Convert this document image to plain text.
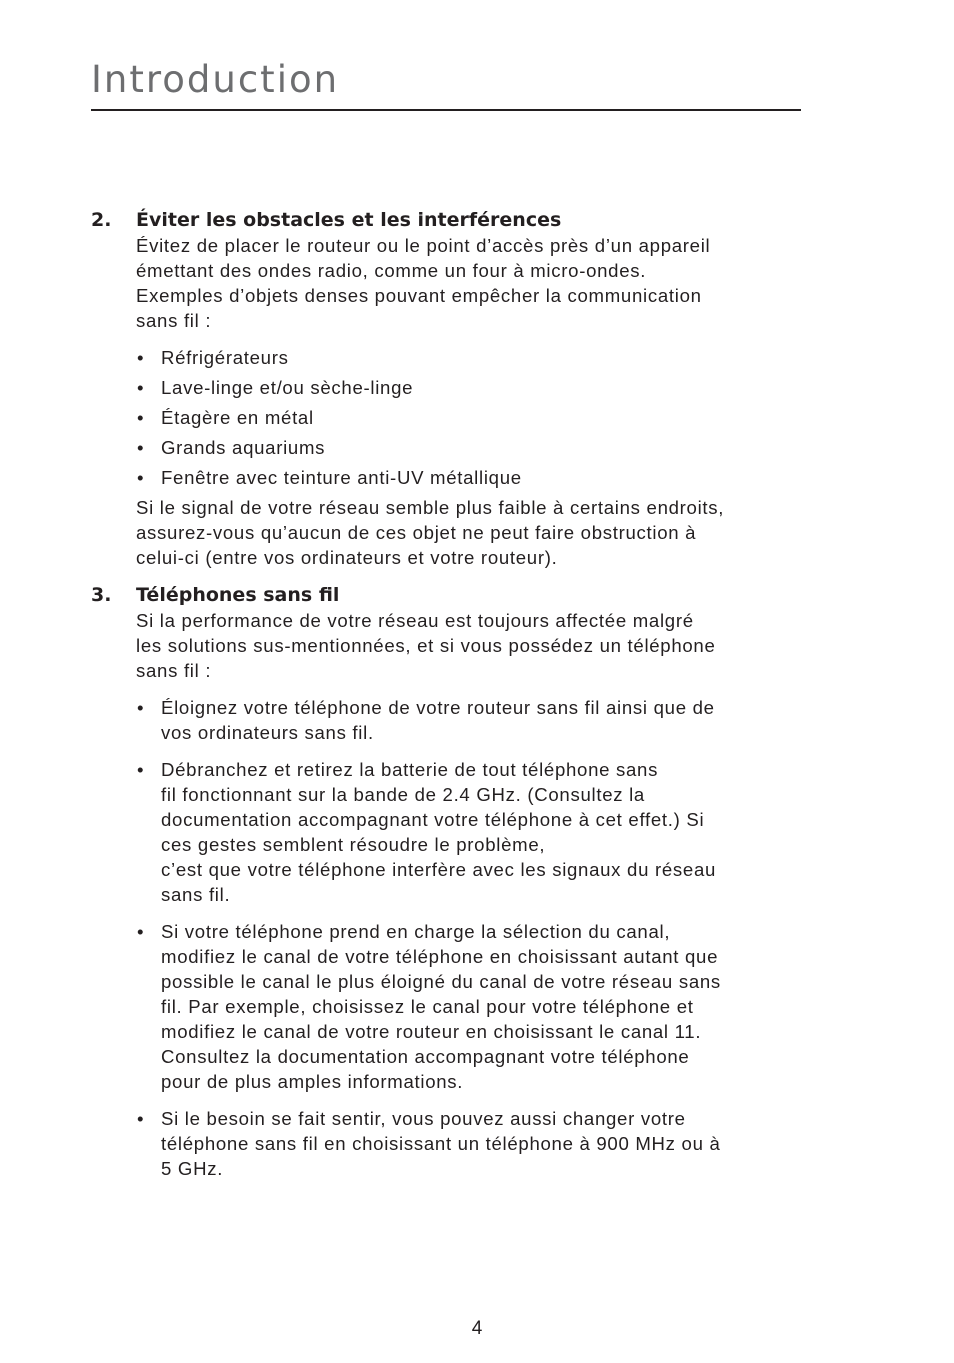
Introduction
2. Éviter les obstacles et les interférences

Évitez de placer le routeur ou le point d’accès près d’un appareil
émettant des ondes radio, comme un four à micro-ondes.
Exemples d’objets denses pouvant empêcher la communication
sans fil :

• Réfrigérateurs
• Lave-linge et/ou sèche-linge
• Étagère en métal
• Grands aquariums
• Fenêtre avec teinture anti-UV métallique

Si le signal de votre réseau semble plus faible à certains endroits,
assurez-vous qu’aucun de ces objet ne peut faire obstruction à
celuі-ci (entre vos ordinateurs et votre routeur).

3. Téléphones sans fil

Si la performance de votre réseau est toujours affectée malgré
les solutions sus-mentionnées, et si vous possédez un téléphone
sans fil :

• Éloignez votre téléphone de votre routeur sans fil ainsi que de
vos ordinateurs sans fil.
• Débranchez et retirez la batterie de tout téléphone sans
fil fonctionnant sur la bande de 2.4 GHz. (Consultez la
documentation accompagnant votre téléphone à cet effet.) Si
ces gestes semblent résoudre le problème,
c’est que votre téléphone interfère avec les signaux du réseau
sans fil.
• Si votre téléphone prend en charge la sélection du canal,
modifiez le canal de votre téléphone en choisissant autant que
possible le canal le plus éloigné du canal de votre réseau sans
fil. Par exemple, choisissez le canal pour votre téléphone et
modifiez le canal de votre routeur en choisissant le canal 11.
Consultez la documentation accompagnant votre téléphone
pour de plus amples informations.
• Si le besoin se fait sentir, vous pouvez aussi changer votre
téléphone sans fil en choisissant un téléphone à 900 MHz ou à
5 GHz.
4
